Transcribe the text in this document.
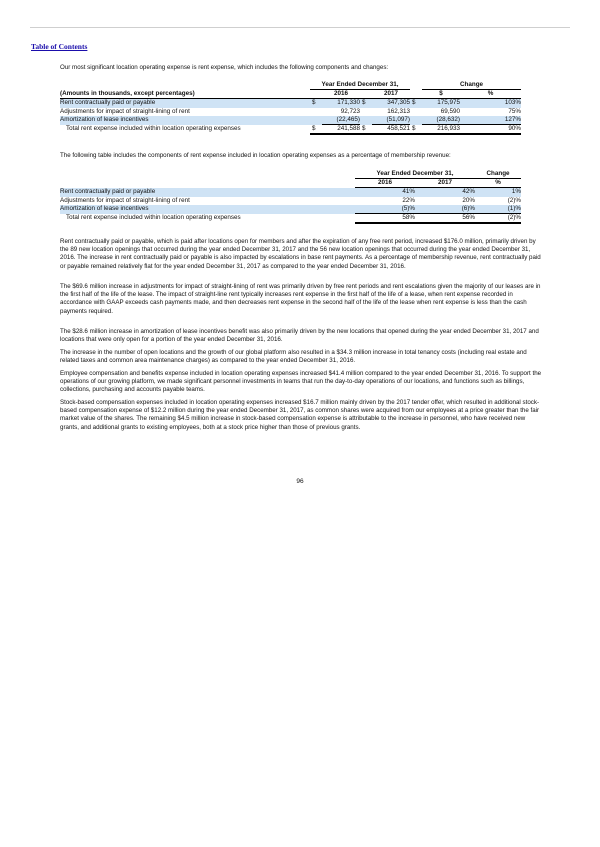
Table of Contents

Our most significant location operating expense is rent expense, which includes the following components and changes:

	Year Ended December 31,					Change	
(Amounts in thousands, except percentages)		2016		2017		$	%
Rent contractually paid or payable	$	171,330	$	347,305	$	175,975	103%
Adjustments for impact of straight-lining of rent		92,723		162,313		69,590	75%
Amortization of lease incentives		(22,465)		(51,097)		(28,632)	127%
Total rent expense included within location operating expenses	$	241,588	$	458,521	$	216,933	90%

The following table includes the components of rent expense included in location operating expenses as a percentage of membership revenue:

	Year Ended December 31,		Change
	2016	2017	%
Rent contractually paid or payable	41%	42%	1%
Adjustments for impact of straight-lining of rent	22%	20%	(2)%
Amortization of lease incentives	(5)%	(6)%	(1)%
Total rent expense included within location operating expenses	58%	56%	(2)%

Rent contractually paid or payable, which is paid after locations open for members and after the expiration of any free rent period, increased $176.0 million, primarily driven by the 89 new location openings that occurred during the year ended December 31, 2017 and the 56 new location openings that occurred during the year ended December 31, 2016. The increase in rent contractually paid or payable is also impacted by escalations in base rent payments. As a percentage of membership revenue, rent contractually paid or payable remained relatively flat for the year ended December 31, 2017 as compared to the year ended December 31, 2016.

The $69.6 million increase in adjustments for impact of straight-lining of rent was primarily driven by free rent periods and rent escalations given the majority of our leases are in the first half of the life of the lease. The impact of straight-line rent typically increases rent expense in the first half of the life of a lease, when rent expense recorded in accordance with GAAP exceeds cash payments made, and then decreases rent expense in the second half of the life of the lease when rent expense is less than the cash payments required.

The $28.6 million increase in amortization of lease incentives benefit was also primarily driven by the new locations that opened during the year ended December 31, 2017 and locations that were only open for a portion of the year ended December 31, 2016.

The increase in the number of open locations and the growth of our global platform also resulted in a $34.3 million increase in total tenancy costs (including real estate and related taxes and common area maintenance charges) as compared to the year ended December 31, 2016.

Employee compensation and benefits expense included in location operating expenses increased $41.4 million compared to the year ended December 31, 2016. To support the operations of our growing platform, we made significant personnel investments in teams that run the day-to-day operations of our locations, and functions such as billings, collections, purchasing and accounts payable teams.

Stock-based compensation expenses included in location operating expenses increased $16.7 million mainly driven by the 2017 tender offer, which resulted in additional stock-based compensation expense of $12.2 million during the year ended December 31, 2017, as common shares were acquired from our employees at a price greater than the fair market value of the shares. The remaining $4.5 million increase in stock-based compensation expense is attributable to the increase in personnel, who have received new grants, and additional grants to existing employees, both at a stock price higher than those of previous grants.

96
